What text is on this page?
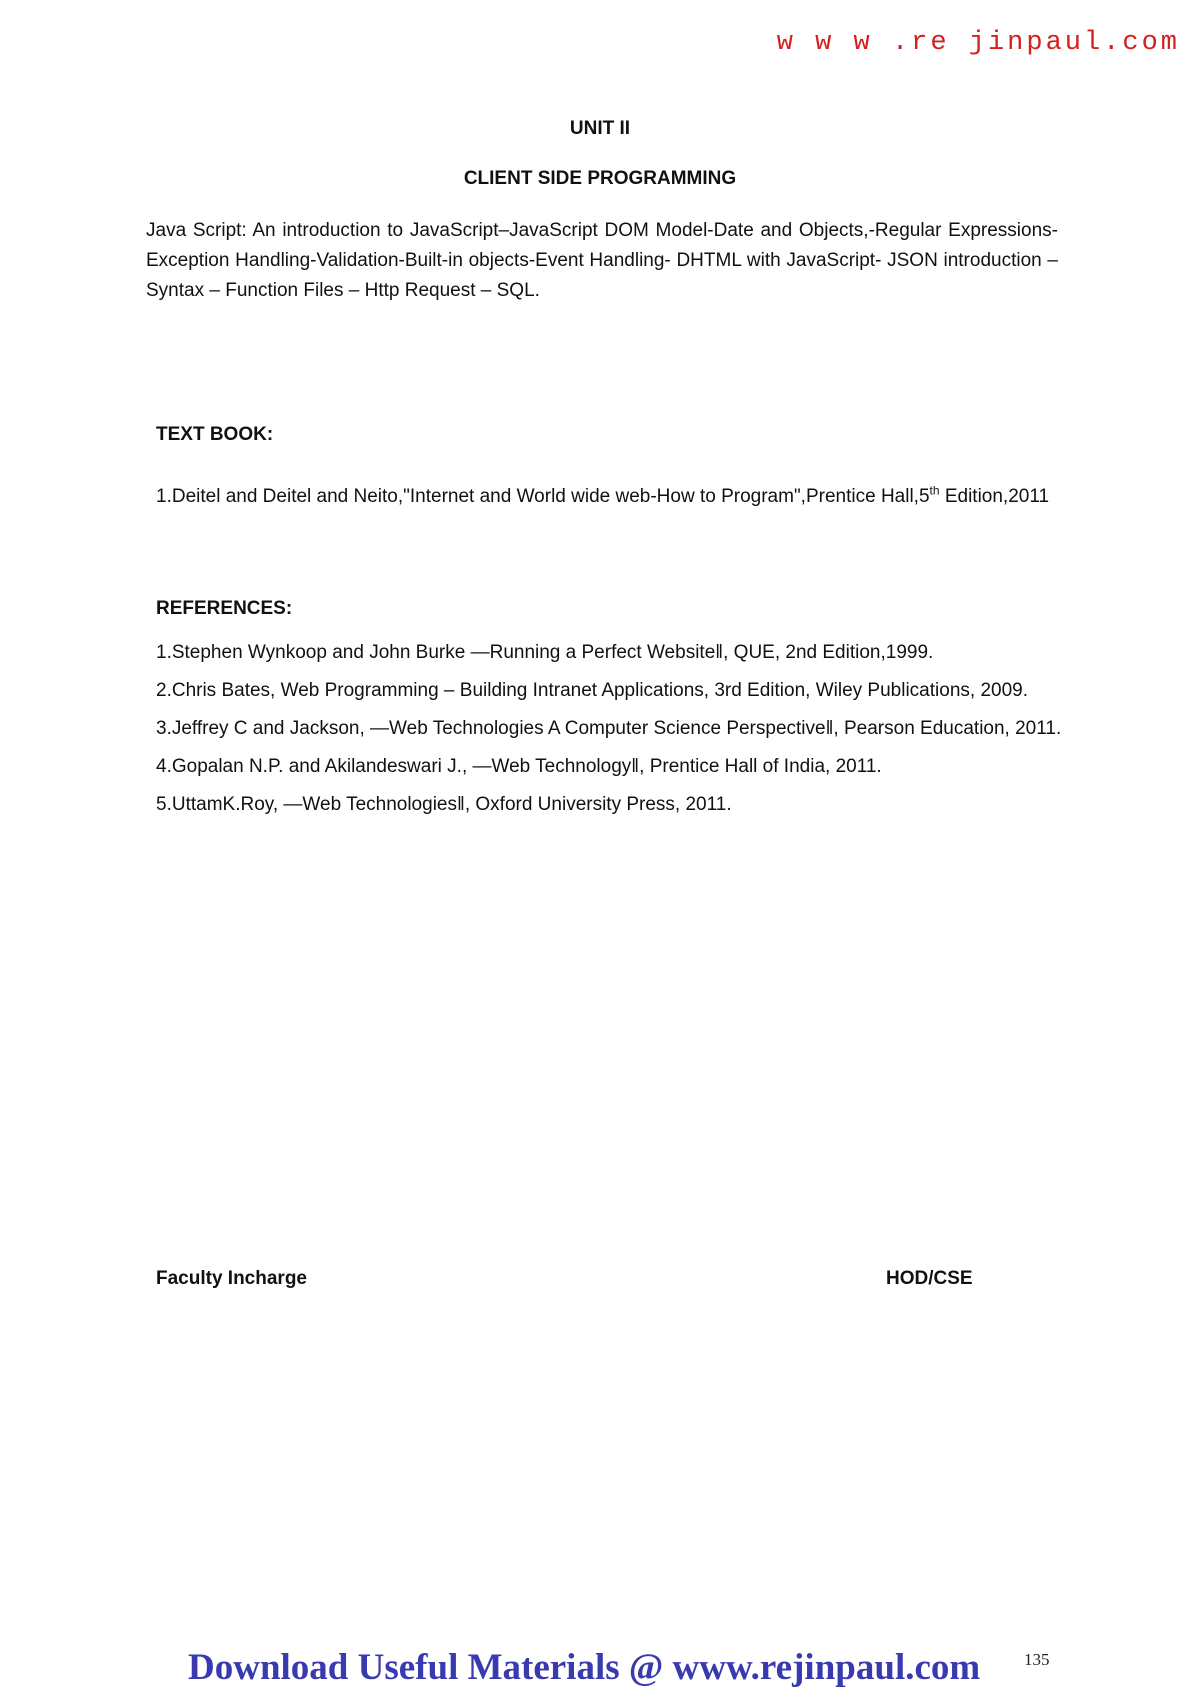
w w w .re jinpaul.com
UNIT II
CLIENT SIDE PROGRAMMING
Java Script: An introduction to JavaScript–JavaScript DOM Model-Date and Objects,-Regular Expressions- Exception Handling-Validation-Built-in objects-Event Handling- DHTML with JavaScript- JSON introduction – Syntax – Function Files – Http Request – SQL.
TEXT BOOK:
1.Deitel and Deitel and Neito,"Internet and World wide web-How to Program",Prentice Hall,5th Edition,2011
REFERENCES:

1.Stephen Wynkoop and John Burke ―Running a Perfect Website‖, QUE, 2nd Edition,1999.

2.Chris Bates, Web Programming – Building Intranet Applications, 3rd Edition, Wiley Publications, 2009.

3.Jeffrey C and Jackson, ―Web Technologies A Computer Science Perspective‖, Pearson Education, 2011.

4.Gopalan N.P. and Akilandeswari J., ―Web Technology‖, Prentice Hall of India, 2011.

5.UttamK.Roy, ―Web Technologies‖, Oxford University Press, 2011.

Faculty Incharge	HOD/CSE
Download Useful Materials @ www.rejinpaul.com	135
